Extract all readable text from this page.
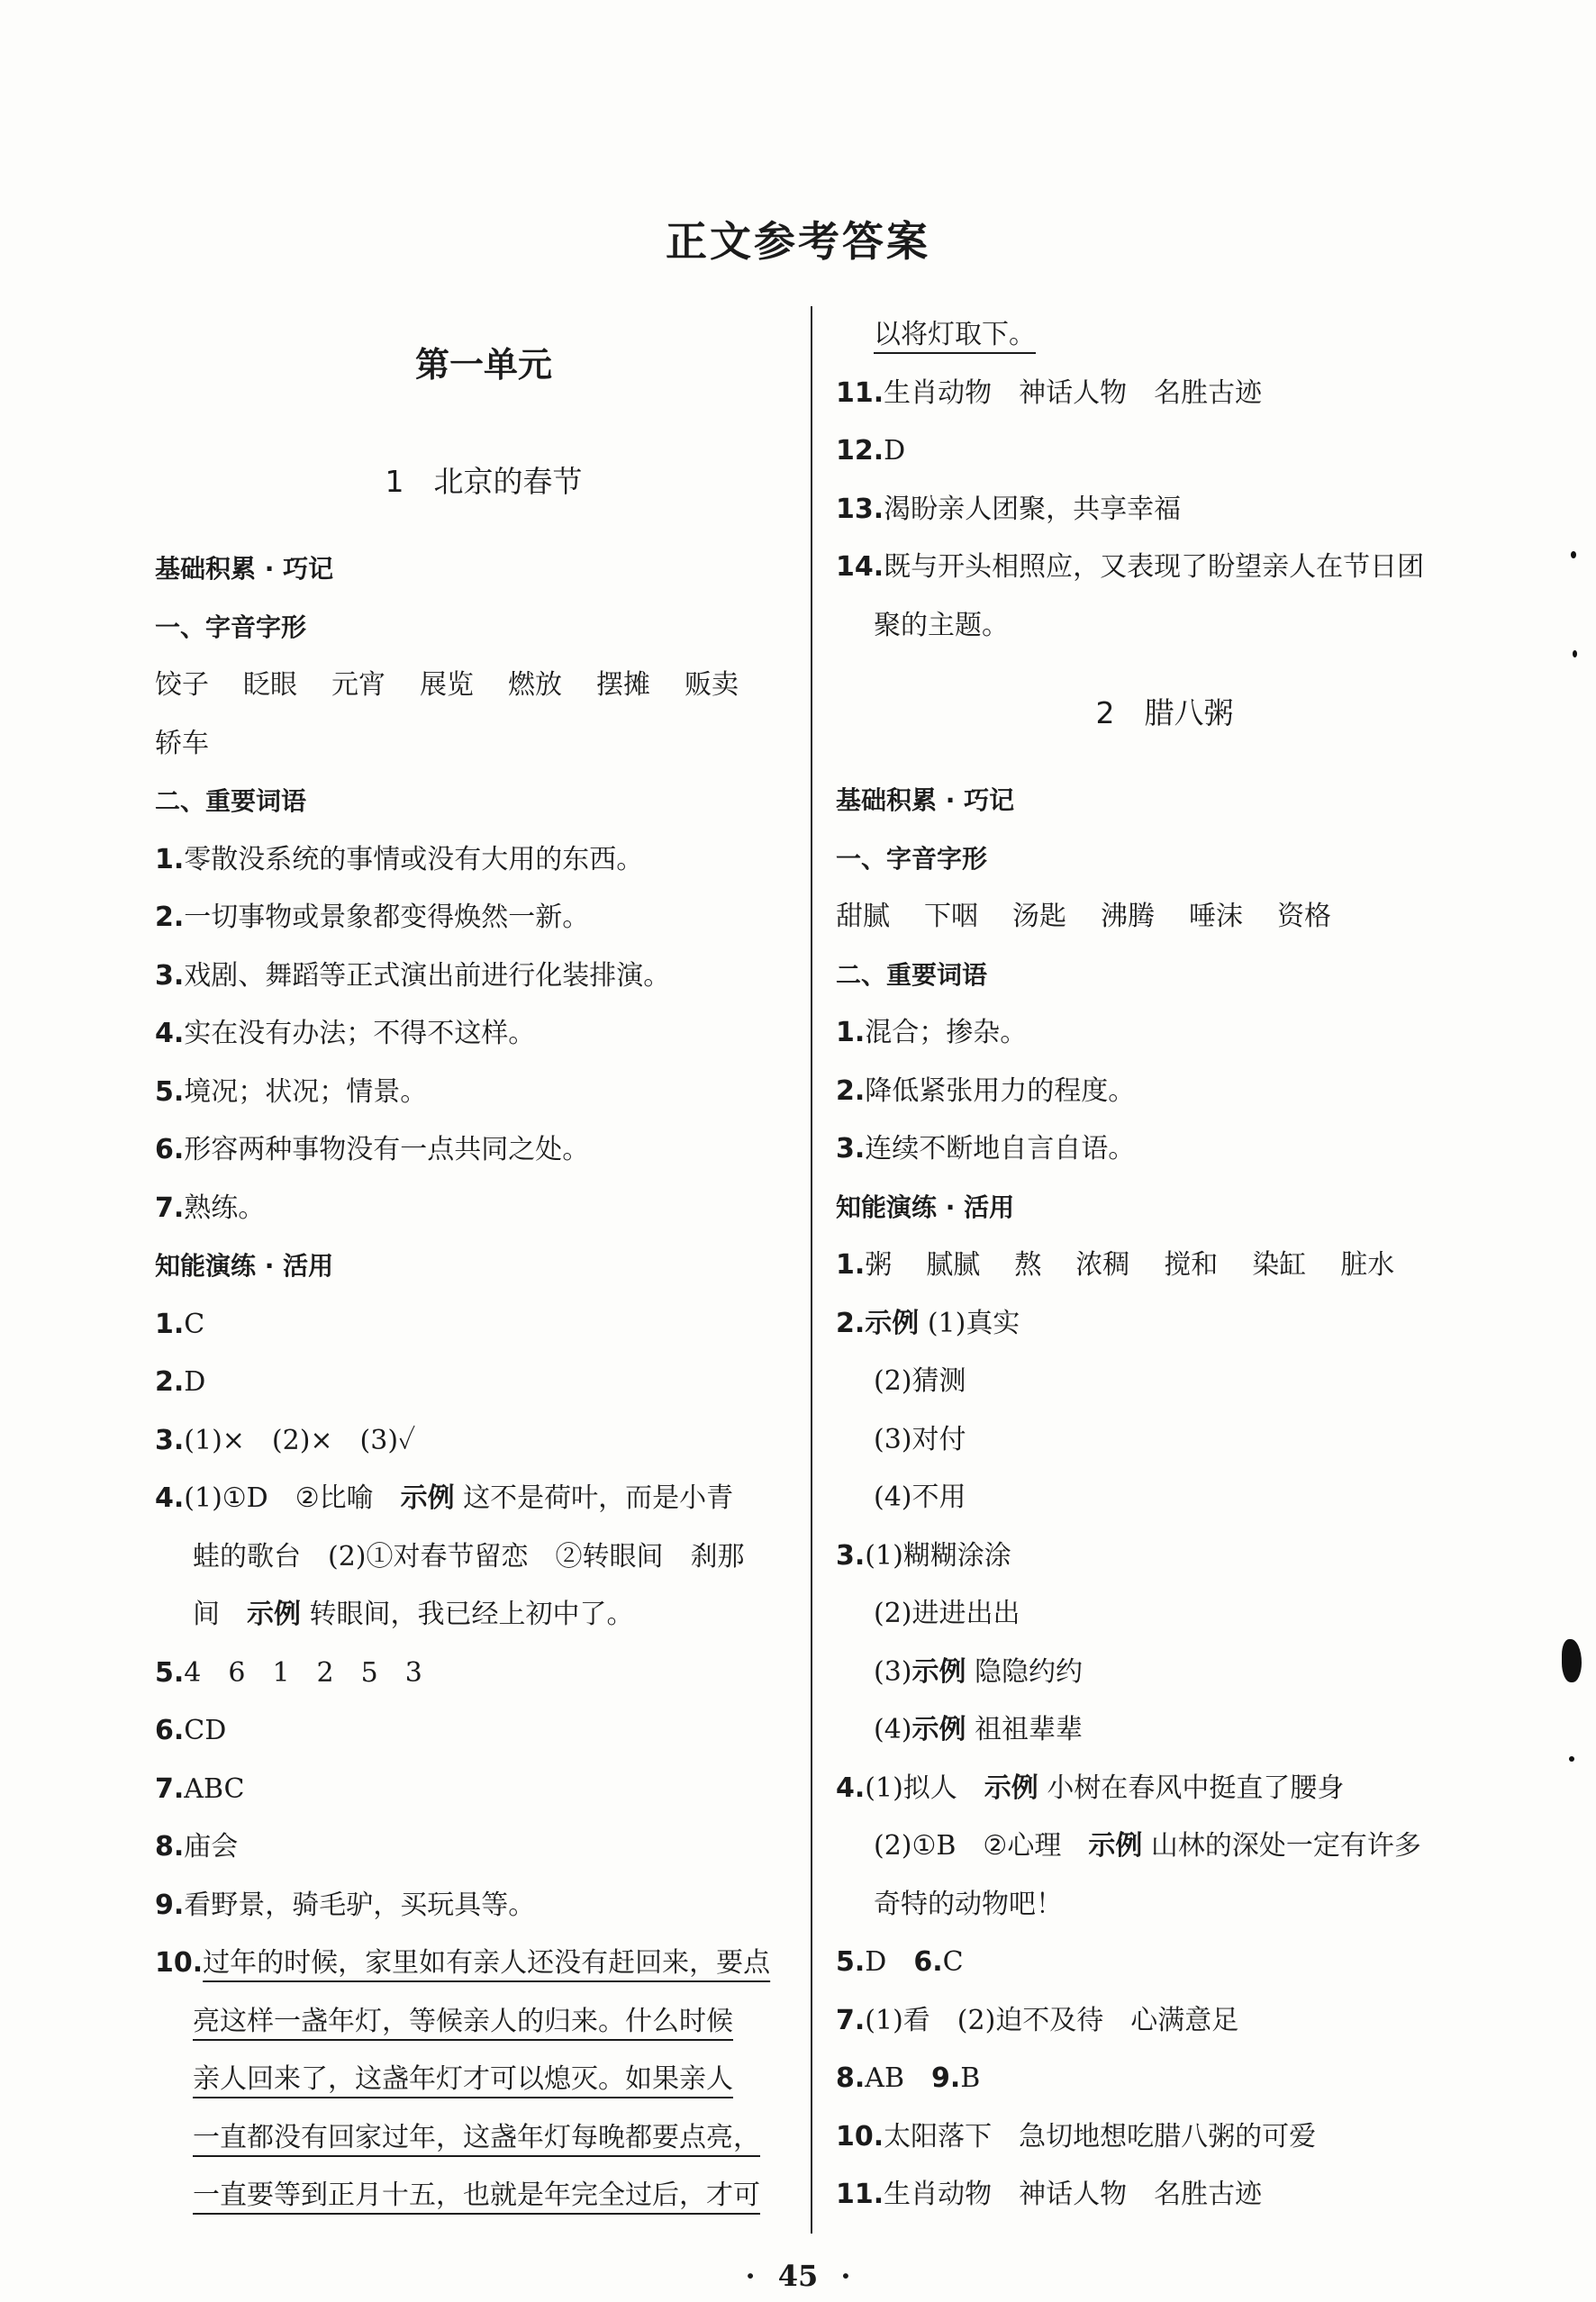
正文参考答案
第一单元
1　北京的春节
基础积累 · 巧记
一、字音字形
饺子 眨眼 元宵 展览 燃放 摆摊 贩卖
轿车
二、重要词语
1.零散没系统的事情或没有大用的东西。
2.一切事物或景象都变得焕然一新。
3.戏剧、舞蹈等正式演出前进行化装排演。
4.实在没有办法；不得不这样。
5.境况；状况；情景。
6.形容两种事物没有一点共同之处。
7.熟练。
知能演练 · 活用
1.C
2.D
3.(1)×　(2)×　(3)✓
4.(1)①D　②比喻　示例 这不是荷叶，而是小青
蛙的歌台　(2)①对春节留恋　②转眼间　刹那
间　示例 转眼间，我已经上初中了。
5.4　6　1　2　5　3
6.CD
7.ABC
8.庙会
9.看野景，骑毛驴，买玩具等。
10.过年的时候，家里如有亲人还没有赶回来，要点
亮这样一盏年灯，等候亲人的归来。什么时候
亲人回来了，这盏年灯才可以熄灭。如果亲人
一直都没有回家过年，这盏年灯每晚都要点亮，
一直要等到正月十五，也就是年完全过后，才可
以将灯取下。
11.生肖动物　神话人物　名胜古迹
12.D
13.渴盼亲人团聚，共享幸福
14.既与开头相照应，又表现了盼望亲人在节日团
聚的主题。
2　腊八粥
基础积累 · 巧记
一、字音字形
甜腻 下咽 汤匙 沸腾 唾沫 资格
二、重要词语
1.混合；掺杂。
2.降低紧张用力的程度。
3.连续不断地自言自语。
知能演练 · 活用
1.粥 腻腻 熬 浓稠 搅和 染缸 脏水
2.示例 (1)真实
(2)猜测
(3)对付
(4)不用
3.(1)糊糊涂涂
(2)进进出出
(3)示例 隐隐约约
(4)示例 祖祖辈辈
4.(1)拟人　示例 小树在春风中挺直了腰身
(2)①B　②心理　示例 山林的深处一定有许多
奇特的动物吧！
5.D　6.C
7.(1)看　(2)迫不及待　心满意足
8.AB　9.B
10.太阳落下　急切地想吃腊八粥的可爱
11.生肖动物　神话人物　名胜古迹
· 45 ·
